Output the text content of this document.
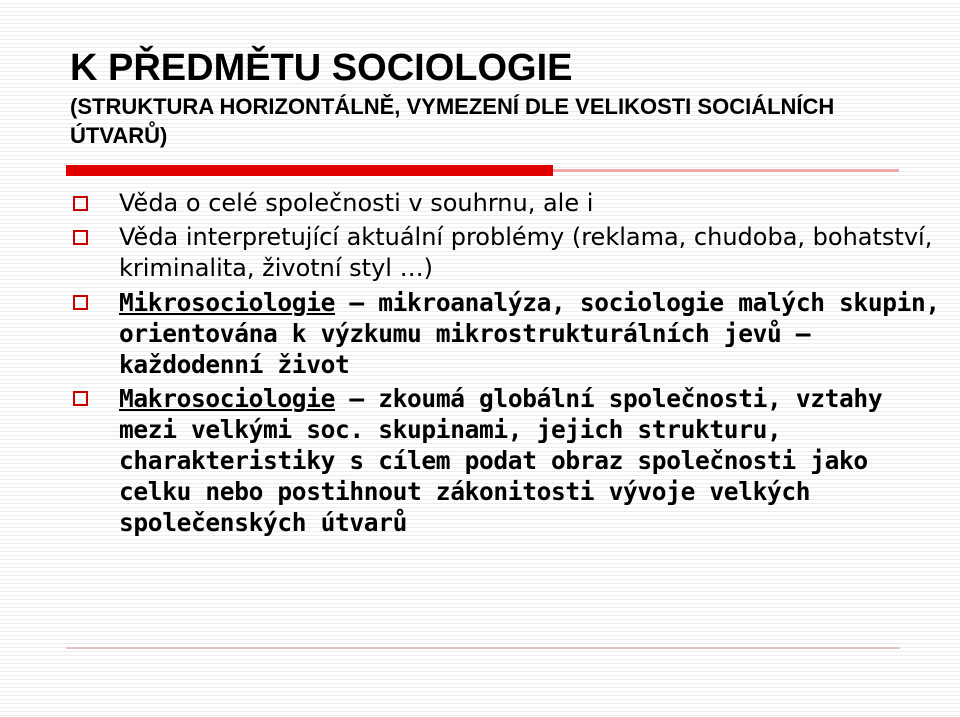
K PŘEDMĚTU SOCIOLOGIE

(STRUKTURA HORIZONTÁLNĚ, VYMEZENÍ DLE VELIKOSTI SOCIÁLNÍCH ÚTVARŮ)

Věda o celé společnosti v souhrnu, ale i
Věda interpretující aktuální problémy (reklama, chudoba, bohatství, kriminalita, životní styl …)
Mikrosociologie – mikroanalýza, sociologie malých skupin, orientována k výzkumu mikrostrukturálních jevů – každodenní život
Makrosociologie – zkoumá globální společnosti, vztahy mezi velkými soc. skupinami, jejich strukturu, charakteristiky s cílem podat obraz společnosti jako celku nebo postihnout zákonitosti vývoje velkých společenských útvarů
